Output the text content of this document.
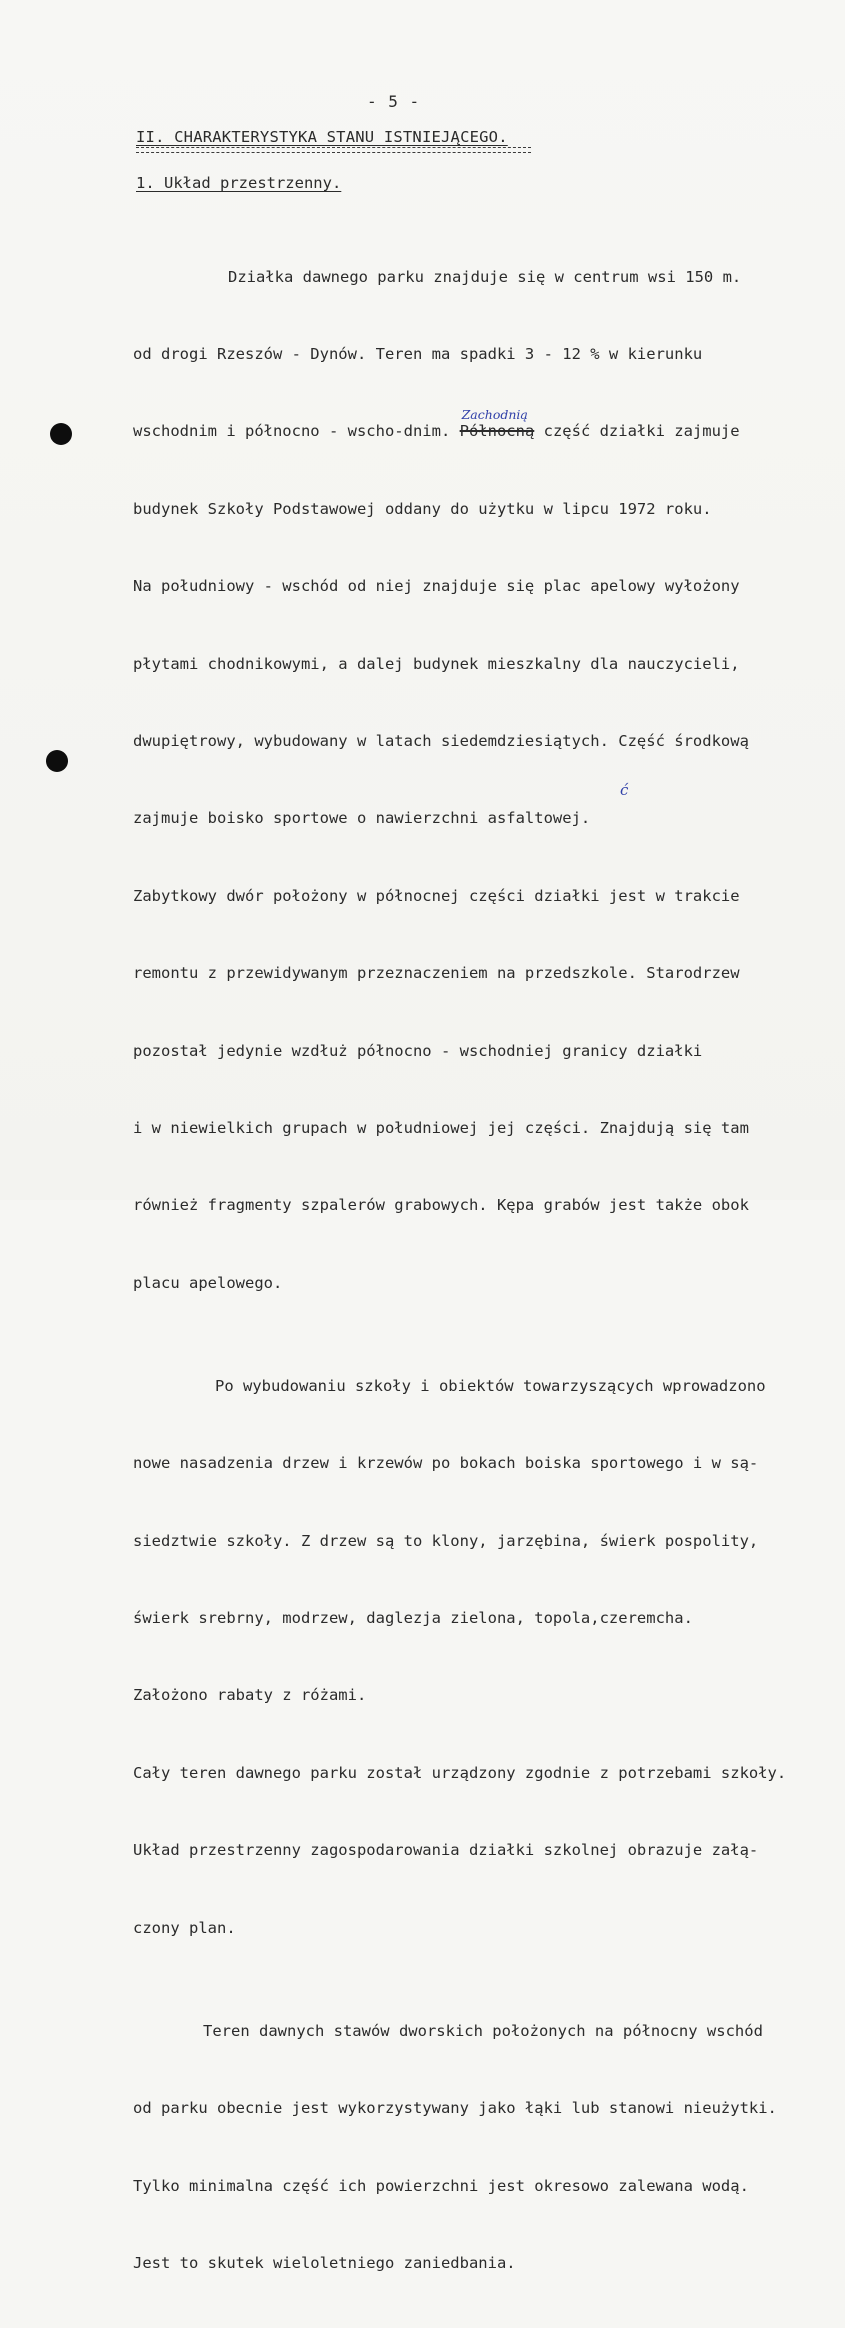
- 5 -
II. CHARAKTERYSTYKA STANU ISTNIEJĄCEGO.
1. Układ przestrzenny.

Działka dawnego parku znajduje się w centrum wsi 150 m.

od drogi Rzeszów - Dynów. Teren ma spadki 3 - 12 % w kierunku

wschodnim i północno - wscho-dnim. Północną
Zachodnią
część działki zajmuje

budynek Szkoły Podstawowej oddany do użytku w lipcu 1972 roku.

Na południowy - wschód od niej znajduje się plac apelowy wyłożony

płytami chodnikowymi, a dalej budynek mieszkalny dla nauczycieli,

dwupiętrowy, wybudowany w latach siedemdziesiątych. Część środkową

zajmuje boisko sportowe o nawierzchni asfaltowej.

Zabytkowy dwór położony w północnej części działki jest w trakcie

remontu z przewidywanym przeznaczeniem na przedszkole. Starodrzew

pozostał jedynie wzdłuż północno - wschodniej granicy działki

i w niewielkich grupach w południowej jej części. Znajdują się tam

również fragmenty szpalerów grabowych. Kępa grabów jest także obok

placu apelowego.

Po wybudowaniu szkoły i obiektów towarzyszących wprowadzono

nowe nasadzenia drzew i krzewów po bokach boiska sportowego i w są-

siedztwie szkoły. Z drzew są to klony, jarzębina, świerk pospolity,

świerk srebrny, modrzew, daglezja zielona, topola,czeremcha.

Założono rabaty z różami.

Cały teren dawnego parku został urządzony zgodnie z potrzebami szkoły.

Układ przestrzenny zagospodarowania działki szkolnej obrazuje załą-

czony plan.

Teren dawnych stawów dworskich położonych na północny wschód

od parku obecnie jest wykorzystywany jako łąki lub stanowi nieużytki.

Tylko minimalna część ich powierzchni jest okresowo zalewana wodą.

Jest to skutek wieloletniego zaniedbania.

ć
